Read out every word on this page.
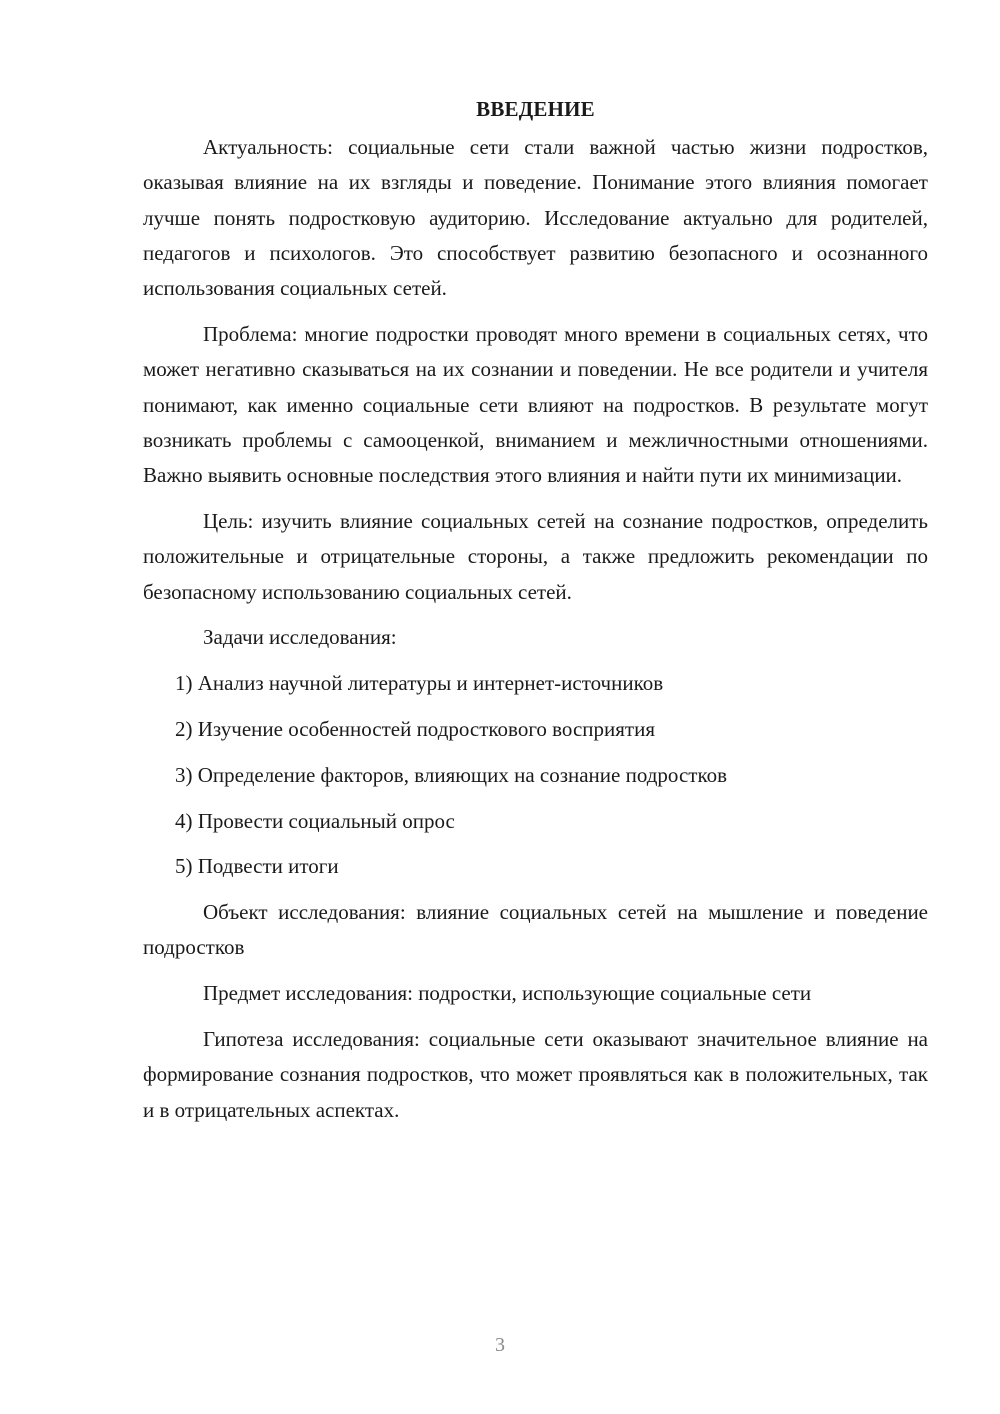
ВВЕДЕНИЕ

Актуальность: социальные сети стали важной частью жизни подростков, оказывая влияние на их взгляды и поведение. Понимание этого влияния помогает лучше понять подростковую аудиторию. Исследование актуально для родителей, педагогов и психологов. Это способствует развитию безопасного и осознанного использования социальных сетей.

Проблема: многие подростки проводят много времени в социальных сетях, что может негативно сказываться на их сознании и поведении. Не все родители и учителя понимают, как именно социальные сети влияют на подростков. В результате могут возникать проблемы с самооценкой, вниманием и межличностными отношениями. Важно выявить основные последствия этого влияния и найти пути их минимизации.

Цель: изучить влияние социальных сетей на сознание подростков, определить положительные и отрицательные стороны, а также предложить рекомендации по безопасному использованию социальных сетей.

Задачи исследования:

1) Анализ научной литературы и интернет-источников
2) Изучение особенностей подросткового восприятия
3) Определение факторов, влияющих на сознание подростков
4) Провести социальный опрос
5) Подвести итоги

Объект исследования: влияние социальных сетей на мышление и поведение подростков

Предмет исследования: подростки, использующие социальные сети

Гипотеза исследования: социальные сети оказывают значительное влияние на формирование сознания подростков, что может проявляться как в положительных, так и в отрицательных аспектах.

3
